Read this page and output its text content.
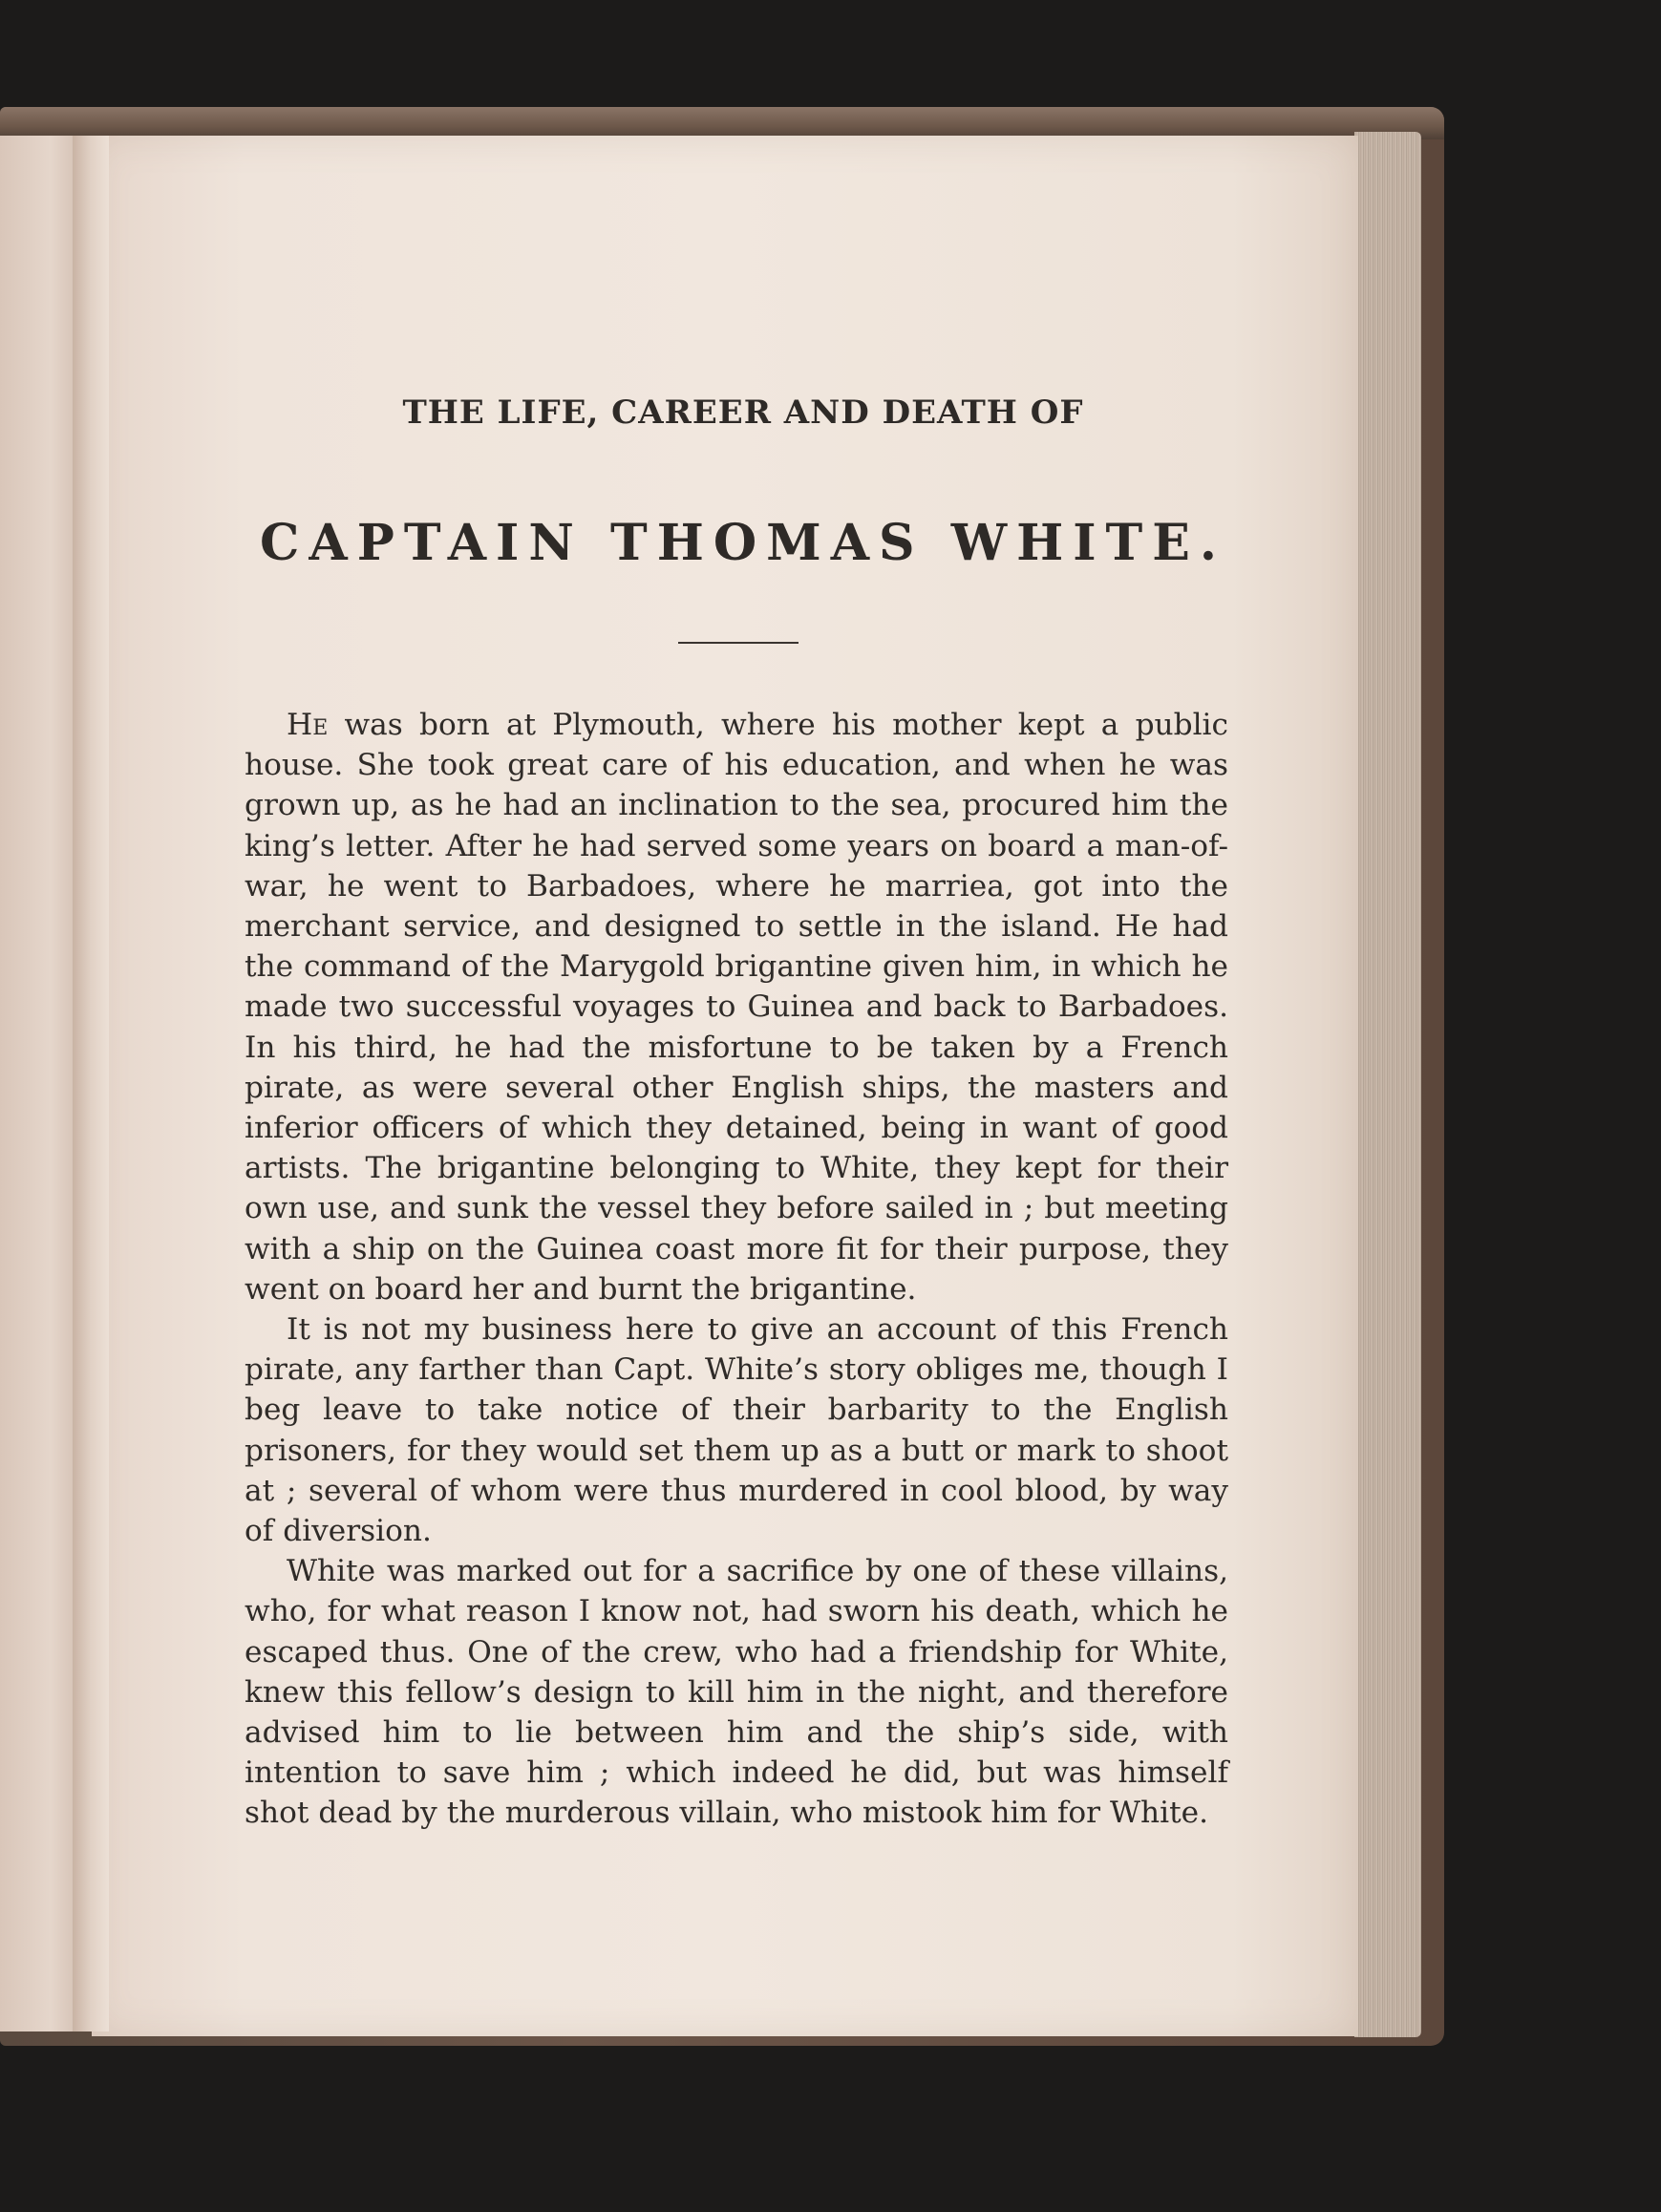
THE LIFE, CAREER AND DEATH OF
CAPTAIN THOMAS WHITE.

He was born at Plymouth, where his mother kept a public house. She took great care of his education, and when he was grown up, as he had an inclination to the sea, procured him the king’s letter. After he had served some years on board a man-of-war, he went to Barbadoes, where he marriea, got into the merchant service, and designed to settle in the island. He had the command of the Marygold brigantine given him, in which he made two successful voyages to Guinea and back to Barbadoes. In his third, he had the misfortune to be taken by a French pirate, as were several other English ships, the masters and inferior officers of which they detained, being in want of good artists. The brigantine belonging to White, they kept for their own use, and sunk the vessel they before sailed in ; but meeting with a ship on the Guinea coast more fit for their purpose, they went on board her and burnt the brigantine.

It is not my business here to give an account of this French pirate, any farther than Capt. White’s story obliges me, though I beg leave to take notice of their barbarity to the English prisoners, for they would set them up as a butt or mark to shoot at ; several of whom were thus murdered in cool blood, by way of diversion.

White was marked out for a sacrifice by one of these villains, who, for what reason I know not, had sworn his death, which he escaped thus. One of the crew, who had a friendship for White, knew this fellow’s design to kill him in the night, and therefore advised him to lie between him and the ship’s side, with intention to save him ; which indeed he did, but was himself shot dead by the murderous villain, who mistook him for White.
